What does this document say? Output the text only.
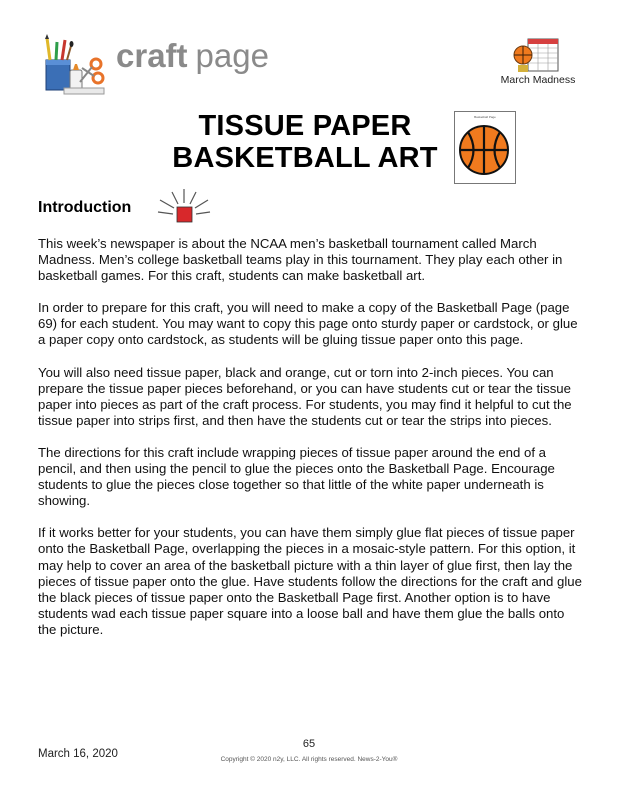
craft page
March Madness
TISSUE PAPER
BASKETBALL ART
Basketball Page
Introduction

This week’s newspaper is about the NCAA men’s basketball tournament called March Madness. Men’s college basketball teams play in this tournament. They play each other in basketball games. For this craft, students can make basketball art.

In order to prepare for this craft, you will need to make a copy of the Basketball Page (page 69) for each student. You may want to copy this page onto sturdy paper or cardstock, or glue a paper copy onto cardstock, as students will be gluing tissue paper onto this page.

You will also need tissue paper, black and orange, cut or torn into 2-inch pieces. You can prepare the tissue paper pieces beforehand, or you can have students cut or tear the tissue paper into pieces as part of the craft process. For students, you may find it helpful to cut the tissue paper into strips first, and then have the students cut or tear the strips into pieces.

The directions for this craft include wrapping pieces of tissue paper around the end of a pencil, and then using the pencil to glue the pieces onto the Basketball Page. Encourage students to glue the pieces close together so that little of the white paper underneath is showing.

If it works better for your students, you can have them simply glue flat pieces of tissue paper onto the Basketball Page, overlapping the pieces in a mosaic-style pattern. For this option, it may help to cover an area of the basketball picture with a thin layer of glue first, then lay the pieces of tissue paper onto the glue. Have students follow the directions for the craft and glue the black pieces of tissue paper onto the Basketball Page first. Another option is to have students wad each tissue paper square into a loose ball and have them glue the balls onto the picture.

65
March 16, 2020	Copyright © 2020 n2y, LLC. All rights reserved. News-2-You®
